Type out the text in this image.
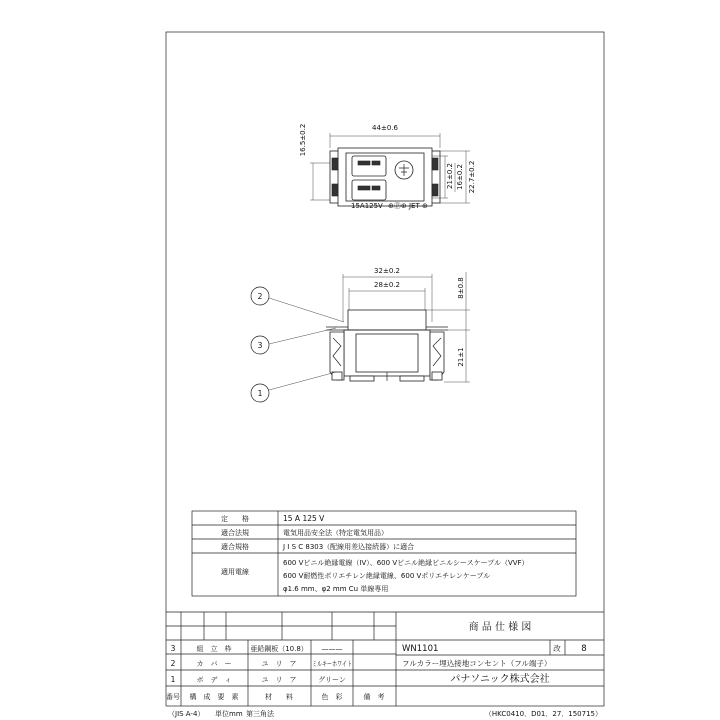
44±0.6
16.5±0.2
15A125V ⊕Ⓟ⊕ JET ⊕
21±0.2 16±0.2 22.7±0.2
32±0.2
28±0.2	8±0.8
21±1
2
3
1
定　　格	15 A 125 V
適合法規	電気用品安全法（特定電気用品）
適合規格	J I S C 8303（配線用差込接続器）に適合
適用電線
600 Vビニル絶縁電線（IV）、600 Vビニル絶縁ビニルシースケーブル（VVF）
600 V耐燃性ポリエチレン絶縁電線、600 Vポリエチレンケーブル
φ1.6 mm、φ2 mm Cu 単線専用
商 品 仕 様 図
WN1101	改 8
フルカラー埋込接地コンセント（フル端子）
パナソニック株式会社
3	組　立　枠	亜鉛鋼板（10.8） ———
2	カ　バ　ー	ユ　リ　ア ミルキーホワイト
1	ボ　デ　ィ	ユ　リ　ア	グリーン
番号 構　成　要　素	材　　料	色　彩	備　考
（JIS A-4） 単位mm 第三角法	（HKC0410．D01．27．150715）
